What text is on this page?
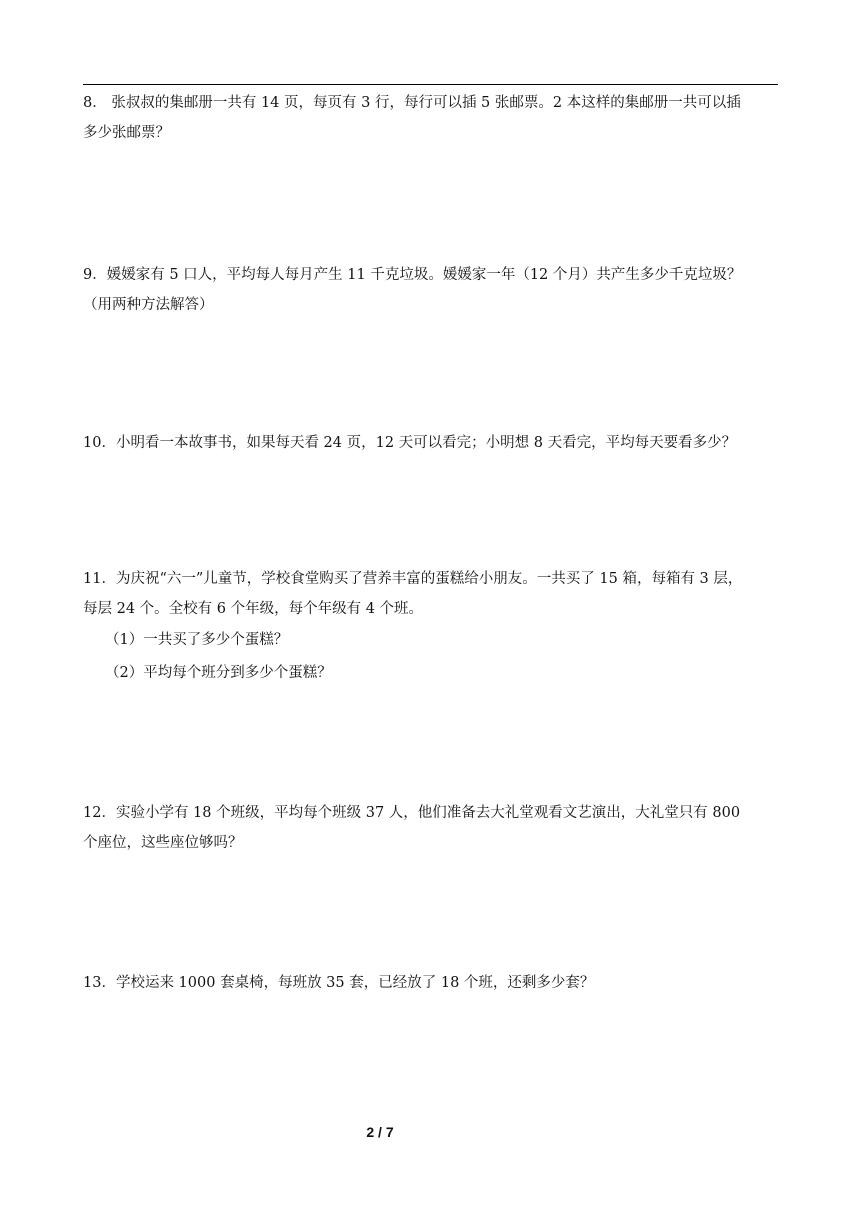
8． 张叔叔的集邮册一共有 14 页，每页有 3 行，每行可以插 5 张邮票。2 本这样的集邮册一共可以插
多少张邮票？
9．媛媛家有 5 口人，平均每人每月产生 11 千克垃圾。媛媛家一年（12 个月）共产生多少千克垃圾？
（用两种方法解答）
10．小明看一本故事书，如果每天看 24 页，12 天可以看完；小明想 8 天看完，平均每天要看多少？
11．为庆祝“六一”儿童节，学校食堂购买了营养丰富的蛋糕给小朋友。一共买了 15 箱，每箱有 3 层，
每层 24 个。全校有 6 个年级，每个年级有 4 个班。
（1）一共买了多少个蛋糕？
（2）平均每个班分到多少个蛋糕？
12．实验小学有 18 个班级，平均每个班级 37 人，他们准备去大礼堂观看文艺演出，大礼堂只有 800
个座位，这些座位够吗？
13．学校运来 1000 套桌椅，每班放 35 套，已经放了 18 个班，还剩多少套？
2 / 7
